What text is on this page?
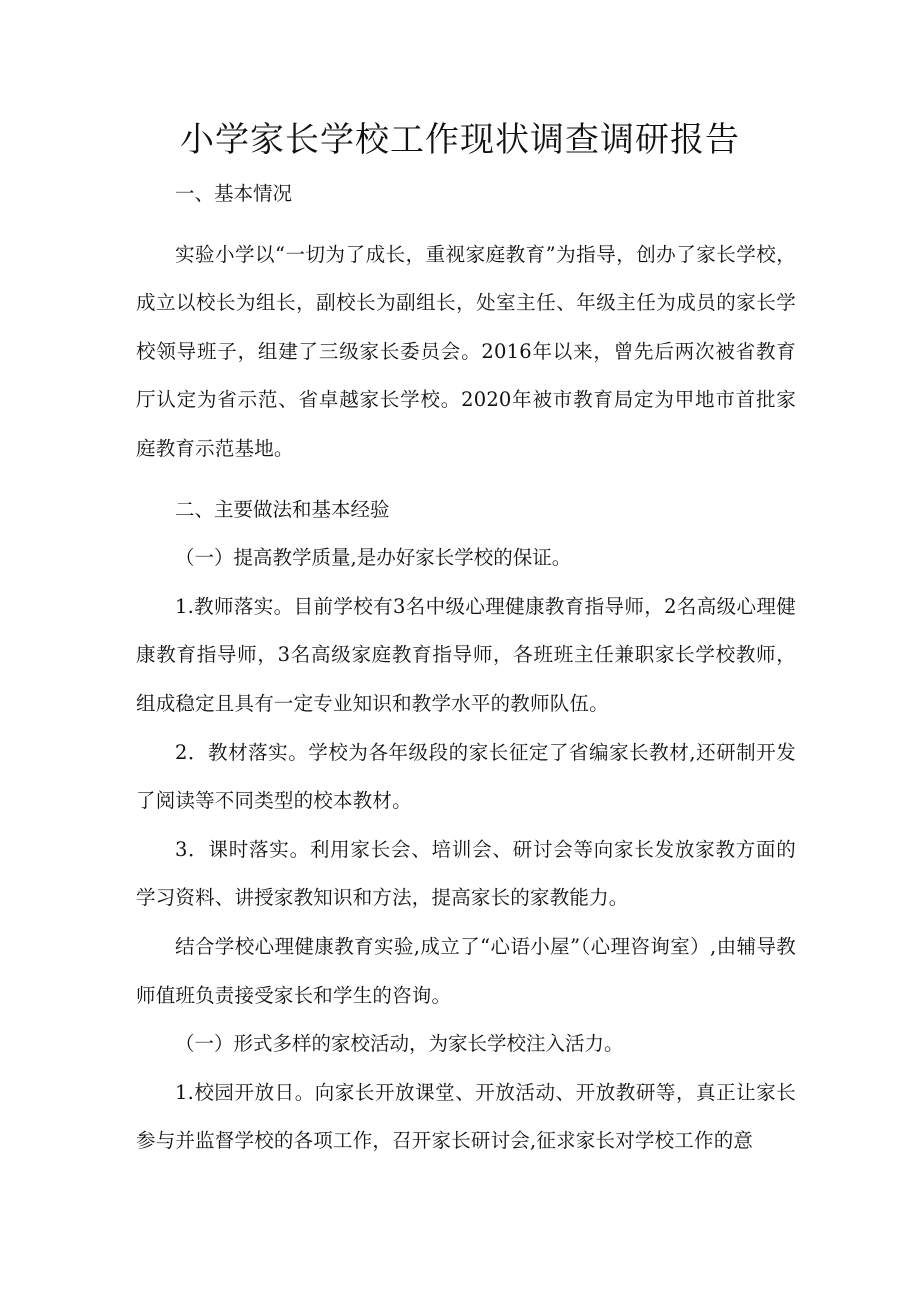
小学家长学校工作现状调查调研报告

一、基本情况

实验小学以“一切为了成长，重视家庭教育”为指导，创办了家长学校，成立以校长为组长，副校长为副组长，处室主任、年级主任为成员的家长学校领导班子，组建了三级家长委员会。2016年以来，曾先后两次被省教育厅认定为省示范、省卓越家长学校。2020年被市教育局定为甲地市首批家庭教育示范基地。

二、主要做法和基本经验

（一）提高教学质量,是办好家长学校的保证。

1.教师落实。目前学校有3名中级心理健康教育指导师，2名高级心理健康教育指导师，3名高级家庭教育指导师，各班班主任兼职家长学校教师，组成稳定且具有一定专业知识和教学水平的教师队伍。

2．教材落实。学校为各年级段的家长征定了省编家长教材,还研制开发了阅读等不同类型的校本教材。

3．课时落实。利用家长会、培训会、研讨会等向家长发放家教方面的学习资料、讲授家教知识和方法，提高家长的家教能力。

结合学校心理健康教育实验,成立了“心语小屋”（心理咨询室）,由辅导教师值班负责接受家长和学生的咨询。

（一）形式多样的家校活动，为家长学校注入活力。

1.校园开放日。向家长开放课堂、开放活动、开放教研等，真正让家长参与并监督学校的各项工作，召开家长研讨会,征求家长对学校工作的意
